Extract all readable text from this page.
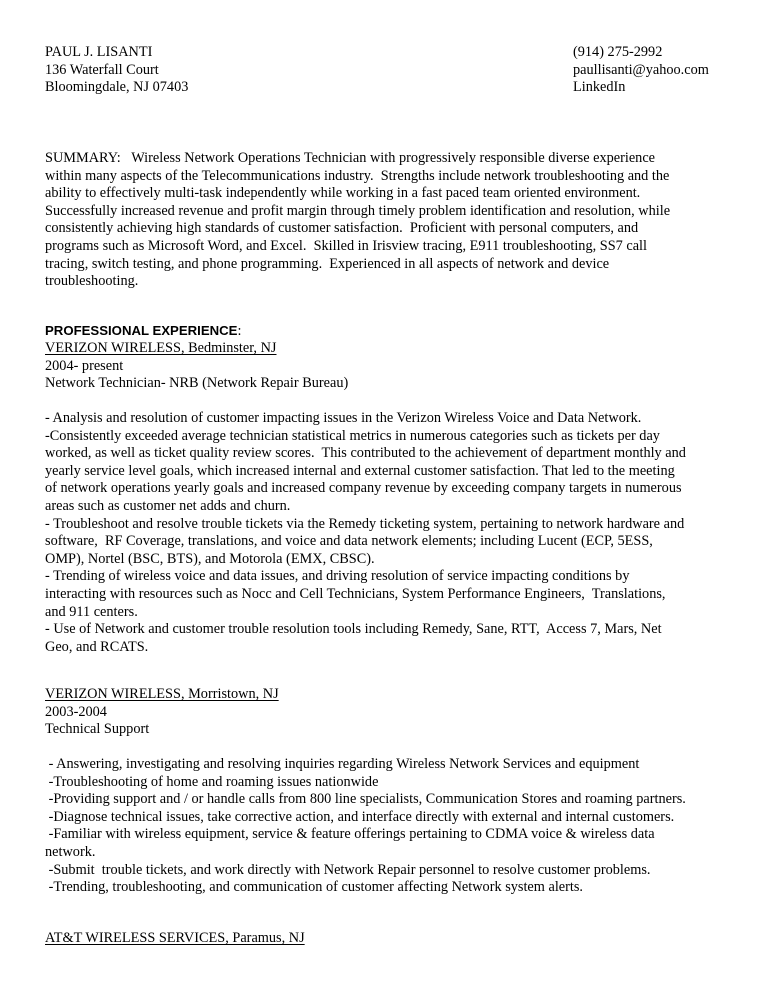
PAUL J. LISANTI
136 Waterfall Court
Bloomingdale, NJ 07403
(914) 275-2992
paullisanti@yahoo.com
LinkedIn
SUMMARY:   Wireless Network Operations Technician with progressively responsible diverse experience
within many aspects of the Telecommunications industry.  Strengths include network troubleshooting and the
ability to effectively multi-task independently while working in a fast paced team oriented environment.
Successfully increased revenue and profit margin through timely problem identification and resolution, while
consistently achieving high standards of customer satisfaction.  Proficient with personal computers, and
programs such as Microsoft Word, and Excel.  Skilled in Irisview tracing, E911 troubleshooting, SS7 call
tracing, switch testing, and phone programming.  Experienced in all aspects of network and device
troubleshooting.
PROFESSIONAL EXPERIENCE:
VERIZON WIRELESS, Bedminster, NJ
2004- present
Network Technician- NRB (Network Repair Bureau)
- Analysis and resolution of customer impacting issues in the Verizon Wireless Voice and Data Network.
-Consistently exceeded average technician statistical metrics in numerous categories such as tickets per day
worked, as well as ticket quality review scores.  This contributed to the achievement of department monthly and
yearly service level goals, which increased internal and external customer satisfaction. That led to the meeting
of network operations yearly goals and increased company revenue by exceeding company targets in numerous
areas such as customer net adds and churn.
- Troubleshoot and resolve trouble tickets via the Remedy ticketing system, pertaining to network hardware and
software,  RF Coverage, translations, and voice and data network elements; including Lucent (ECP, 5ESS,
OMP), Nortel (BSC, BTS), and Motorola (EMX, CBSC).
- Trending of wireless voice and data issues, and driving resolution of service impacting conditions by
interacting with resources such as Nocc and Cell Technicians, System Performance Engineers,  Translations,
and 911 centers.
- Use of Network and customer trouble resolution tools including Remedy, Sane, RTT,  Access 7, Mars, Net
Geo, and RCATS.
VERIZON WIRELESS, Morristown, NJ
2003-2004
Technical Support
- Answering, investigating and resolving inquiries regarding Wireless Network Services and equipment
-Troubleshooting of home and roaming issues nationwide
-Providing support and / or handle calls from 800 line specialists, Communication Stores and roaming partners.
-Diagnose technical issues, take corrective action, and interface directly with external and internal customers.
-Familiar with wireless equipment, service & feature offerings pertaining to CDMA voice & wireless data
network.
-Submit  trouble tickets, and work directly with Network Repair personnel to resolve customer problems.
-Trending, troubleshooting, and communication of customer affecting Network system alerts.
AT&T WIRELESS SERVICES, Paramus, NJ
